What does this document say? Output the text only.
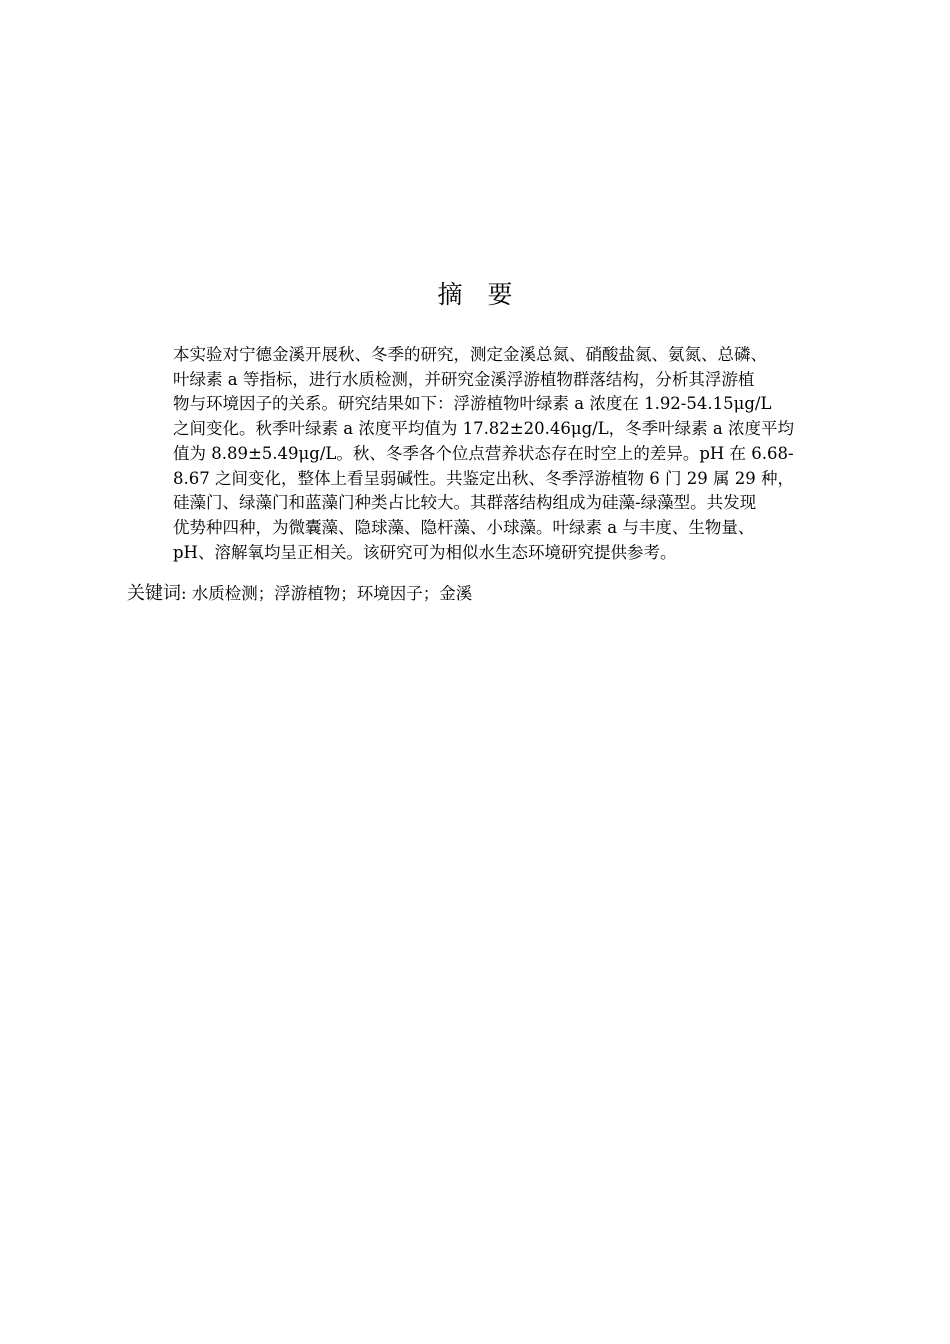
摘　要
本实验对宁德金溪开展秋、冬季的研究，测定金溪总氮、硝酸盐氮、氨氮、总磷、
叶绿素 a 等指标，进行水质检测，并研究金溪浮游植物群落结构，分析其浮游植
物与环境因子的关系。研究结果如下：浮游植物叶绿素 a 浓度在 1.92-54.15μg/L
之间变化。秋季叶绿素 a 浓度平均值为 17.82±20.46μg/L，冬季叶绿素 a 浓度平均
值为 8.89±5.49μg/L。秋、冬季各个位点营养状态存在时空上的差异。pH 在 6.68-
8.67 之间变化，整体上看呈弱碱性。共鉴定出秋、冬季浮游植物 6 门 29 属 29 种，
硅藻门、绿藻门和蓝藻门种类占比较大。其群落结构组成为硅藻-绿藻型。共发现
优势种四种，为微囊藻、隐球藻、隐杆藻、小球藻。叶绿素 a 与丰度、生物量、
pH、溶解氧均呈正相关。该研究可为相似水生态环境研究提供参考。
关键词: 水质检测；浮游植物；环境因子；金溪
